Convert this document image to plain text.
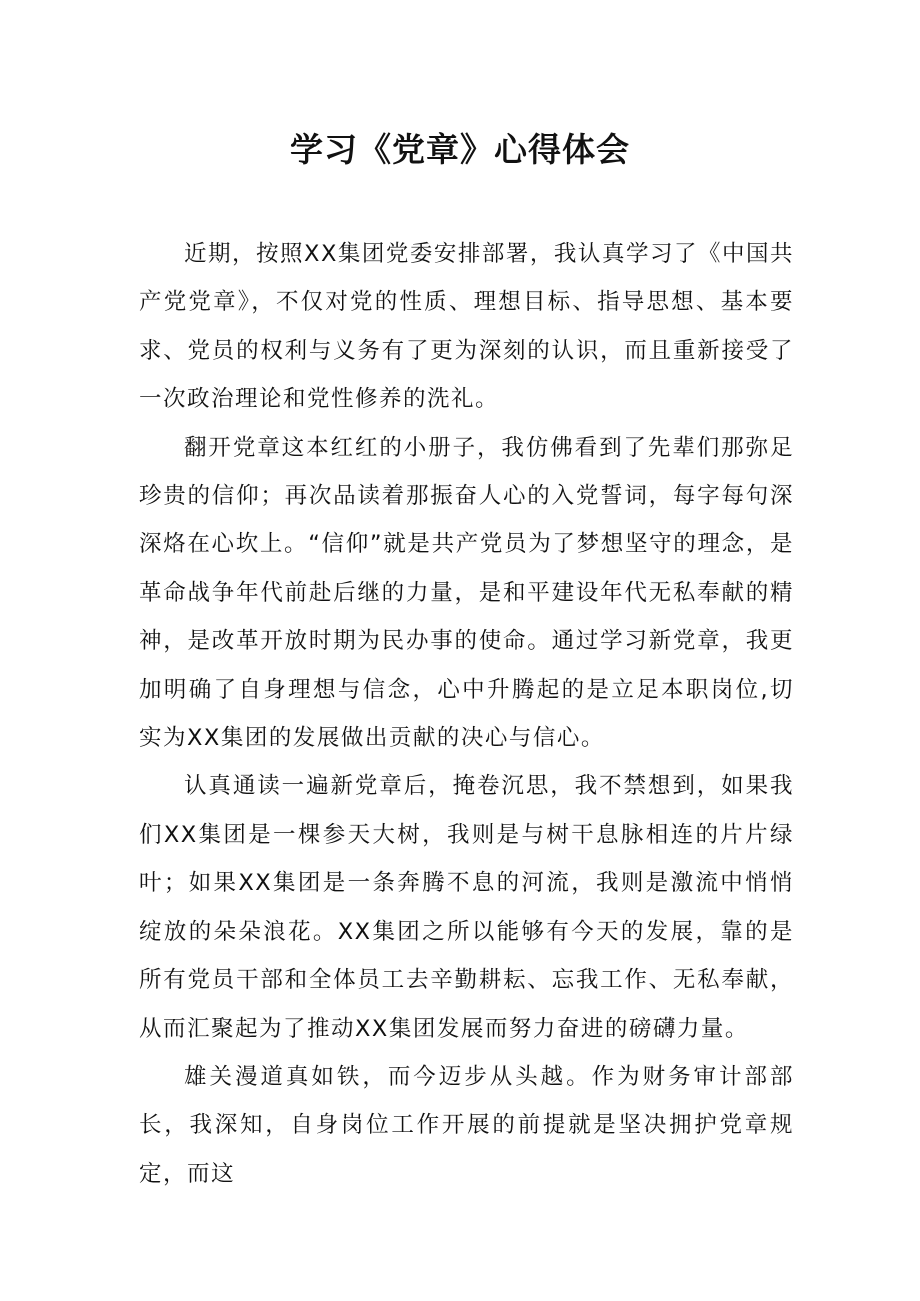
学习《党章》心得体会

近期，按照XX集团党委安排部署，我认真学习了《中国共产党党章》，不仅对党的性质、理想目标、指导思想、基本要求、党员的权利与义务有了更为深刻的认识，而且重新接受了一次政治理论和党性修养的洗礼。

翻开党章这本红红的小册子，我仿佛看到了先辈们那弥足珍贵的信仰；再次品读着那振奋人心的入党誓词，每字每句深深烙在心坎上。“信仰”就是共产党员为了梦想坚守的理念，是革命战争年代前赴后继的力量，是和平建设年代无私奉献的精神，是改革开放时期为民办事的使命。通过学习新党章，我更加明确了自身理想与信念，心中升腾起的是立足本职岗位,切实为XX集团的发展做出贡献的决心与信心。

认真通读一遍新党章后，掩卷沉思，我不禁想到，如果我们XX集团是一棵参天大树，我则是与树干息脉相连的片片绿叶；如果XX集团是一条奔腾不息的河流，我则是激流中悄悄绽放的朵朵浪花。XX集团之所以能够有今天的发展，靠的是所有党员干部和全体员工去辛勤耕耘、忘我工作、无私奉献，从而汇聚起为了推动XX集团发展而努力奋进的磅礴力量。

雄关漫道真如铁，而今迈步从头越。作为财务审计部部长，我深知，自身岗位工作开展的前提就是坚决拥护党章规定，而这
